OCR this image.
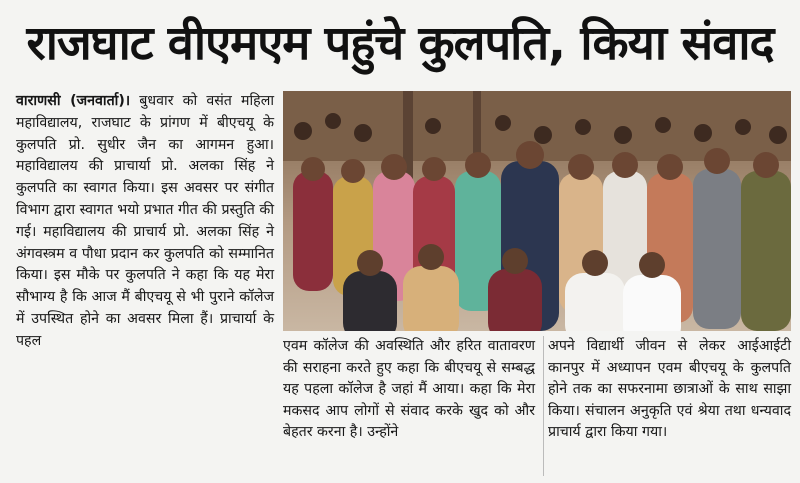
राजघाट वीएमएम पहुंचे कुलपति, किया संवाद

वाराणसी (जनवार्ता)। बुधवार को वसंत महिला महाविद्यालय, राजघाट के प्रांगण में बीएचयू के कुलपति प्रो. सुधीर जैन का आगमन हुआ। महाविद्यालय की प्राचार्या प्रो. अलका सिंह ने कुलपति का स्वागत किया। इस अवसर पर संगीत विभाग द्वारा स्वागत भयो प्रभात गीत की प्रस्तुति की गई। महाविद्यालय की प्राचार्य प्रो. अलका सिंह ने अंगवस्त्रम व पौधा प्रदान कर कुलपति को सम्मानित किया। इस मौके पर कुलपति ने कहा कि यह मेरा सौभाग्य है कि आज मैं बीएचयू से भी पुराने कॉलेज में उपस्थित होने का अवसर मिला हैं। प्राचार्या के पहल	एवम कॉलेज की अवस्थिति और हरित वातावरण की सराहना करते हुए कहा कि बीएचयू से सम्बद्ध यह पहला कॉलेज है जहां मैं आया। कहा कि मेरा मकसद आप लोगों से संवाद करके खुद को और बेहतर करना है। उन्होंने

अपने विद्यार्थी जीवन से लेकर आईआईटी कानपुर में अध्यापन एवम बीएचयू के कुलपति होने तक का सफरनामा छात्राओं के साथ साझा किया। संचालन अनुकृति एवं श्रेया तथा धन्यवाद प्राचार्य द्वारा किया गया।
